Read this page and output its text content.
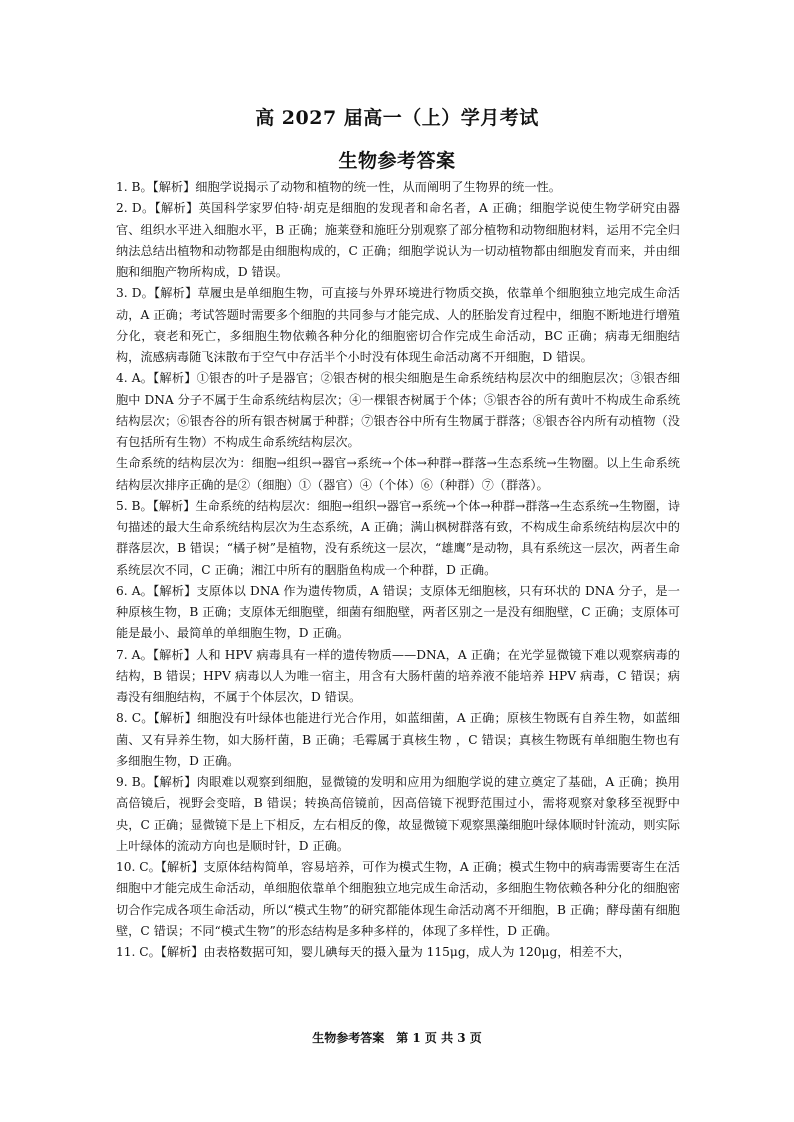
高 2027 届高一（上）学月考试
生物参考答案

1. B。【解析】细胞学说揭示了动物和植物的统一性，从而阐明了生物界的统一性。

2. D。【解析】英国科学家罗伯特·胡克是细胞的发现者和命名者，A 正确；细胞学说使生物学研究由器官、组织水平进入细胞水平，B 正确；施莱登和施旺分别观察了部分植物和动物细胞材料，运用不完全归纳法总结出植物和动物都是由细胞构成的，C 正确；细胞学说认为一切动植物都由细胞发育而来，并由细胞和细胞产物所构成，D 错误。

3. D。【解析】草履虫是单细胞生物，可直接与外界环境进行物质交换，依靠单个细胞独立地完成生命活动，A 正确；考试答题时需要多个细胞的共同参与才能完成、人的胚胎发育过程中，细胞不断地进行增殖分化，衰老和死亡，多细胞生物依赖各种分化的细胞密切合作完成生命活动，BC 正确；病毒无细胞结构，流感病毒随飞沫散布于空气中存活半个小时没有体现生命活动离不开细胞，D 错误。

4. A。【解析】①银杏的叶子是器官；②银杏树的根尖细胞是生命系统结构层次中的细胞层次；③银杏细胞中 DNA 分子不属于生命系统结构层次；④一棵银杏树属于个体；⑤银杏谷的所有黄叶不构成生命系统结构层次；⑥银杏谷的所有银杏树属于种群；⑦银杏谷中所有生物属于群落；⑧银杏谷内所有动植物（没有包括所有生物）不构成生命系统结构层次。

生命系统的结构层次为：细胞→组织→器官→系统→个体→种群→群落→生态系统→生物圈。以上生命系统结构层次排序正确的是②（细胞）①（器官）④（个体）⑥（种群）⑦（群落）。

5. B。【解析】生命系统的结构层次：细胞→组织→器官→系统→个体→种群→群落→生态系统→生物圈，诗句描述的最大生命系统结构层次为生态系统，A 正确；满山枫树群落有致，不构成生命系统结构层次中的群落层次，B 错误；“橘子树”是植物，没有系统这一层次，“雄鹰”是动物，具有系统这一层次，两者生命系统层次不同，C 正确；湘江中所有的胭脂鱼构成一个种群，D 正确。

6. A。【解析】支原体以 DNA 作为遗传物质，A 错误；支原体无细胞核，只有环状的 DNA 分子，是一种原核生物，B 正确；支原体无细胞壁，细菌有细胞壁，两者区别之一是没有细胞壁，C 正确；支原体可能是最小、最简单的单细胞生物，D 正确。

7. A。【解析】人和 HPV 病毒具有一样的遗传物质——DNA，A 正确；在光学显微镜下难以观察病毒的结构，B 错误；HPV 病毒以人为唯一宿主，用含有大肠杆菌的培养液不能培养 HPV 病毒，C 错误；病毒没有细胞结构，不属于个体层次，D 错误。

8. C。【解析】细胞没有叶绿体也能进行光合作用，如蓝细菌，A 正确；原核生物既有自养生物，如蓝细菌、又有异养生物，如大肠杆菌，B 正确；毛霉属于真核生物 ，C 错误；真核生物既有单细胞生物也有多细胞生物，D 正确。

9. B。【解析】肉眼难以观察到细胞，显微镜的发明和应用为细胞学说的建立奠定了基础，A 正确；换用高倍镜后，视野会变暗，B 错误；转换高倍镜前，因高倍镜下视野范围过小，需将观察对象移至视野中央，C 正确；显微镜下是上下相反，左右相反的像，故显微镜下观察黑藻细胞叶绿体顺时针流动，则实际上叶绿体的流动方向也是顺时针，D 正确。

10. C。【解析】支原体结构简单，容易培养，可作为模式生物，A 正确；模式生物中的病毒需要寄生在活细胞中才能完成生命活动，单细胞依靠单个细胞独立地完成生命活动，多细胞生物依赖各种分化的细胞密切合作完成各项生命活动，所以“模式生物”的研究都能体现生命活动离不开细胞，B 正确；酵母菌有细胞壁，C 错误；不同“模式生物”的形态结构是多种多样的，体现了多样性，D 正确。

11. C。【解析】由表格数据可知，婴儿碘每天的摄入量为 115μg，成人为 120μg，相差不大，

生物参考答案　第 1 页 共 3 页
